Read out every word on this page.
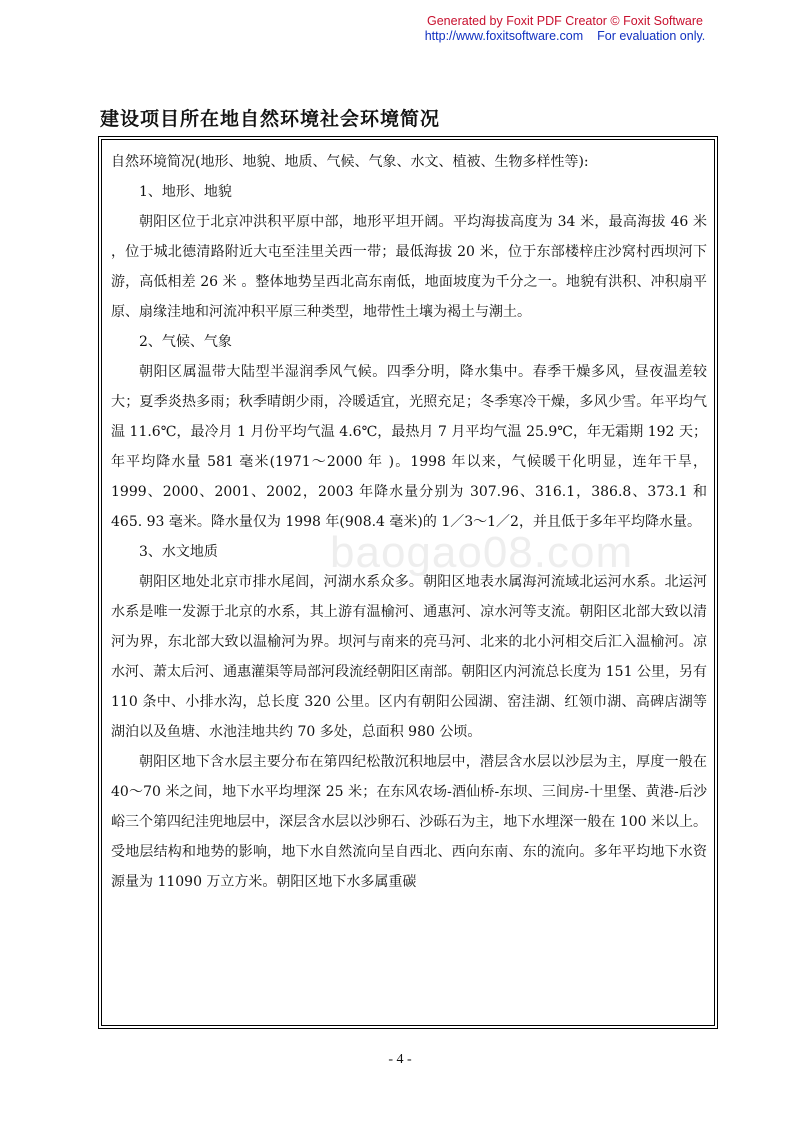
Generated by Foxit PDF Creator © Foxit Software
http://www.foxitsoftware.com For evaluation only.
建设项目所在地自然环境社会环境简况

自然环境简况(地形、地貌、地质、气候、气象、水文、植被、生物多样性等):

1、地形、地貌

朝阳区位于北京冲洪积平原中部，地形平坦开阔。平均海拔高度为 34 米，最高海拔 46 米 ，位于城北德清路附近大屯至洼里关西一带；最低海拔 20 米，位于东部楼梓庄沙窝村西坝河下游，高低相差 26 米 。整体地势呈西北高东南低，地面坡度为千分之一。地貌有洪积、冲积扇平原、扇缘洼地和河流冲积平原三种类型，地带性土壤为褐土与潮土。

2、气候、气象

朝阳区属温带大陆型半湿润季风气候。四季分明，降水集中。春季干燥多风，昼夜温差较大；夏季炎热多雨；秋季晴朗少雨，冷暖适宜，光照充足；冬季寒冷干燥，多风少雪。年平均气温 11.6℃，最冷月 1 月份平均气温 4.6℃，最热月 7 月平均气温 25.9℃，年无霜期 192 天；年平均降水量 581 毫米(1971～2000 年 )。1998 年以来，气候暖干化明显，连年干旱，1999、2000、2001、2002，2003 年降水量分别为 307.96、316.1，386.8、373.1 和 465. 93 毫米。降水量仅为 1998 年(908.4 毫米)的 1／3～1／2，并且低于多年平均降水量。

3、水文地质

朝阳区地处北京市排水尾闾，河湖水系众多。朝阳区地表水属海河流域北运河水系。北运河水系是唯一发源于北京的水系，其上游有温榆河、通惠河、凉水河等支流。朝阳区北部大致以清河为界，东北部大致以温榆河为界。坝河与南来的亮马河、北来的北小河相交后汇入温榆河。凉水河、萧太后河、通惠灌渠等局部河段流经朝阳区南部。朝阳区内河流总长度为 151 公里，另有 110 条中、小排水沟，总长度 320 公里。区内有朝阳公园湖、窑洼湖、红领巾湖、高碑店湖等湖泊以及鱼塘、水池洼地共约 70 多处，总面积 980 公顷。

朝阳区地下含水层主要分布在第四纪松散沉积地层中，潜层含水层以沙层为主，厚度一般在 40～70 米之间，地下水平均埋深 25 米；在东风农场-酒仙桥-东坝、三间房-十里堡、黄港-后沙峪三个第四纪洼兜地层中，深层含水层以沙卵石、沙砾石为主，地下水埋深一般在 100 米以上。受地层结构和地势的影响，地下水自然流向呈自西北、西向东南、东的流向。多年平均地下水资源量为 11090 万立方米。朝阳区地下水多属重碳

baogao08.com
- 4 -
